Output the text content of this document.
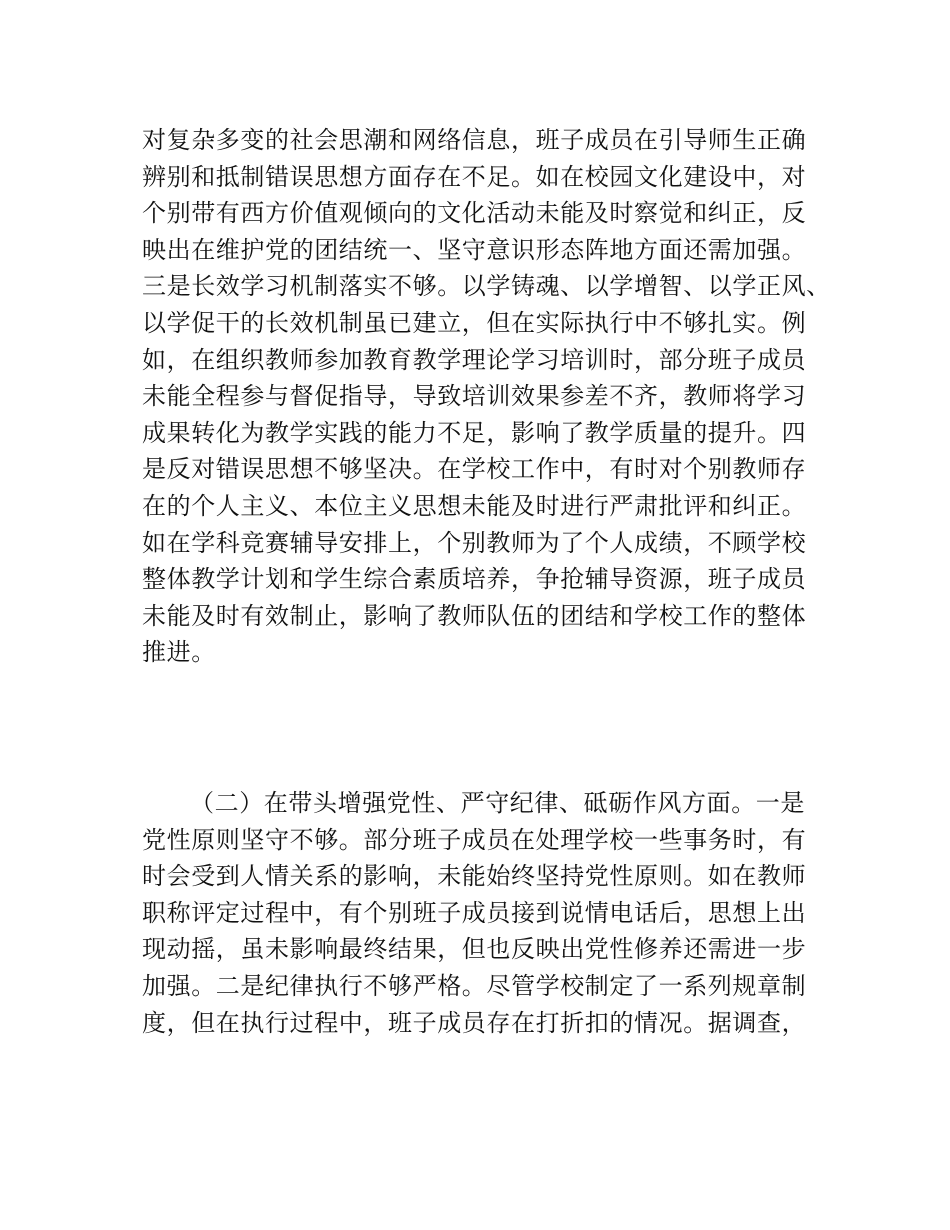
对复杂多变的社会思潮和网络信息，班子成员在引导师生正确
辨别和抵制错误思想方面存在不足。如在校园文化建设中，对
个别带有西方价值观倾向的文化活动未能及时察觉和纠正，反
映出在维护党的团结统一、坚守意识形态阵地方面还需加强。
三是长效学习机制落实不够。以学铸魂、以学增智、以学正风、
以学促干的长效机制虽已建立，但在实际执行中不够扎实。例
如，在组织教师参加教育教学理论学习培训时，部分班子成员
未能全程参与督促指导，导致培训效果参差不齐，教师将学习
成果转化为教学实践的能力不足，影响了教学质量的提升。四
是反对错误思想不够坚决。在学校工作中，有时对个别教师存
在的个人主义、本位主义思想未能及时进行严肃批评和纠正。
如在学科竞赛辅导安排上，个别教师为了个人成绩，不顾学校
整体教学计划和学生综合素质培养，争抢辅导资源，班子成员
未能及时有效制止，影响了教师队伍的团结和学校工作的整体
推进。
（二）在带头增强党性、严守纪律、砥砺作风方面。一是
党性原则坚守不够。部分班子成员在处理学校一些事务时，有
时会受到人情关系的影响，未能始终坚持党性原则。如在教师
职称评定过程中，有个别班子成员接到说情电话后，思想上出
现动摇，虽未影响最终结果，但也反映出党性修养还需进一步
加强。二是纪律执行不够严格。尽管学校制定了一系列规章制
度，但在执行过程中，班子成员存在打折扣的情况。据调查，
